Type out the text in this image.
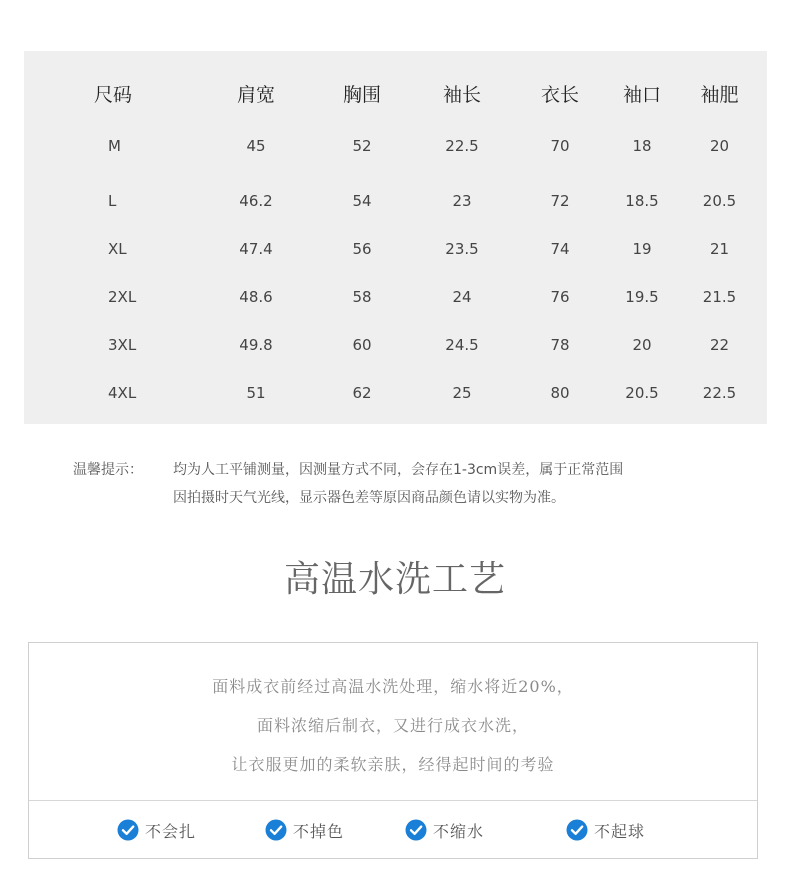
尺码	肩宽	胸围	袖长	衣长	袖口	袖肥
M	45	52	22.5	70	18	20
L	46.2	54	23	72	18.5	20.5
XL	47.4	56	23.5	74	19	21
2XL	48.6	58	24	76	19.5	21.5
3XL	49.8	60	24.5	78	20	22
4XL	51	62	25	80	20.5	22.5
温馨提示：	均为人工平铺测量，因测量方式不同，会存在1-3cm误差，属于正常范围
因拍摄时天气光线，显示器色差等原因商品颜色请以实物为准。
高温水洗工艺
面料成衣前经过高温水洗处理，缩水将近20%，
面料浓缩后制衣，又进行成衣水洗，
让衣服更加的柔软亲肤，经得起时间的考验
不会扎	不掉色	不缩水	不起球
